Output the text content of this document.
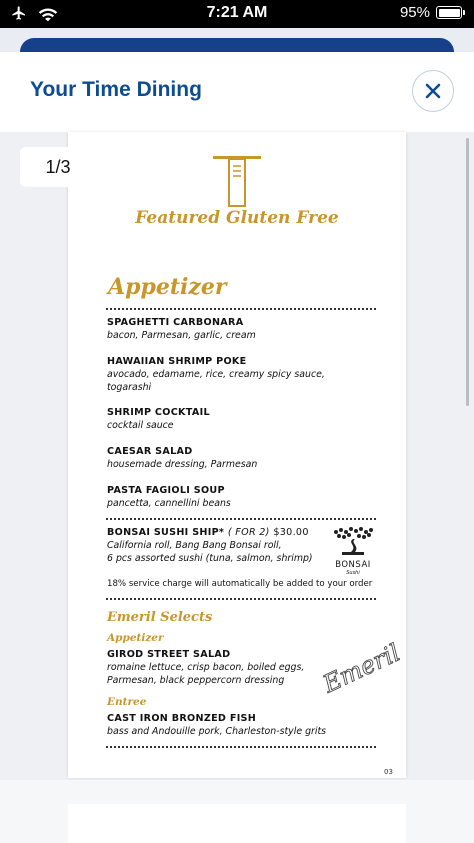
7:21 AM	95%
Your Time Dining
Featured Gluten Free
Appetizer
SPAGHETTI CARBONARA
bacon, Parmesan, garlic, cream
HAWAIIAN SHRIMP POKE
avocado, edamame, rice, creamy spicy sauce,
togarashi
SHRIMP COCKTAIL
cocktail sauce
CAESAR SALAD
housemade dressing, Parmesan
PASTA FAGIOLI SOUP
pancetta, cannellini beans
BONSAI SUSHI SHIP* ( FOR 2) $30.00
California roll, Bang Bang Bonsai roll,
6 pcs assorted sushi (tuna, salmon, shrimp)
BONSAI
Sushi
18% service charge will automatically be added to your order
Emeril Selects
Appetizer
GIROD STREET SALAD
romaine lettuce, crisp bacon, boiled eggs,
Parmesan, black peppercorn dressing	Emeril
Entree
CAST IRON BRONZED FISH
bass and Andouille pork, Charleston-style grits
03
1/3
